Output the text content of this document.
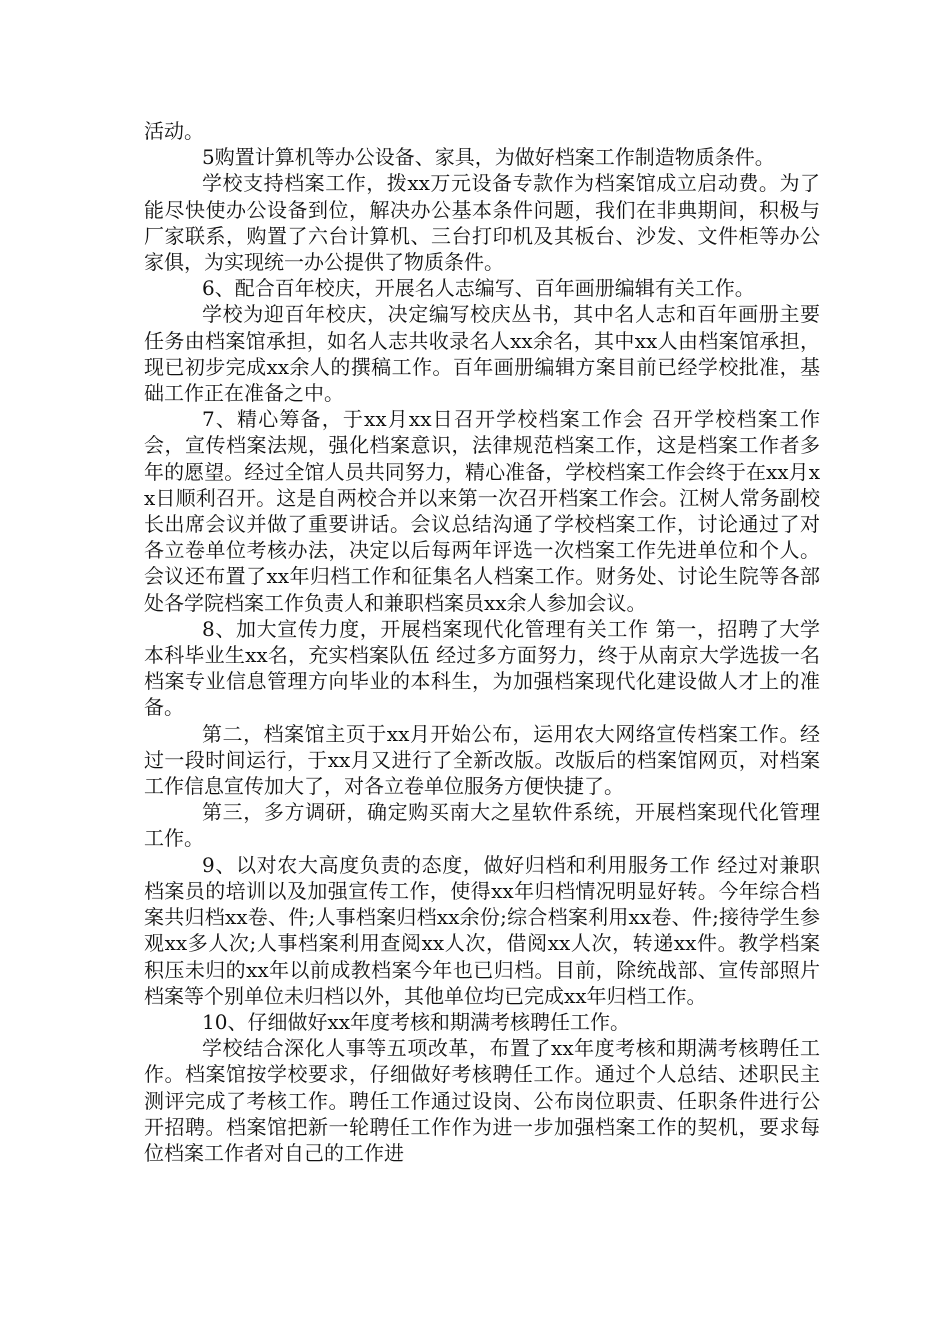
活动。

5购置计算机等办公设备、家具，为做好档案工作制造物质条件。

学校支持档案工作，拨xx万元设备专款作为档案馆成立启动费。为了能尽快使办公设备到位，解决办公基本条件问题，我们在非典期间，积极与厂家联系，购置了六台计算机、三台打印机及其板台、沙发、文件柜等办公家俱，为实现统一办公提供了物质条件。

6、配合百年校庆，开展名人志编写、百年画册编辑有关工作。

学校为迎百年校庆，决定编写校庆丛书，其中名人志和百年画册主要任务由档案馆承担，如名人志共收录名人xx余名，其中xx人由档案馆承担，现已初步完成xx余人的撰稿工作。百年画册编辑方案目前已经学校批准，基础工作正在准备之中。

7、精心筹备，于xx月xx日召开学校档案工作会 召开学校档案工作会，宣传档案法规，强化档案意识，法律规范档案工作，这是档案工作者多年的愿望。经过全馆人员共同努力，精心准备，学校档案工作会终于在xx月xx日顺利召开。这是自两校合并以来第一次召开档案工作会。江树人常务副校长出席会议并做了重要讲话。会议总结沟通了学校档案工作，讨论通过了对各立卷单位考核办法，决定以后每两年评选一次档案工作先进单位和个人。会议还布置了xx年归档工作和征集名人档案工作。财务处、讨论生院等各部处各学院档案工作负责人和兼职档案员xx余人参加会议。

8、加大宣传力度，开展档案现代化管理有关工作 第一，招聘了大学本科毕业生xx名，充实档案队伍 经过多方面努力，终于从南京大学选拔一名档案专业信息管理方向毕业的本科生，为加强档案现代化建设做人才上的准备。

第二，档案馆主页于xx月开始公布，运用农大网络宣传档案工作。经过一段时间运行，于xx月又进行了全新改版。改版后的档案馆网页，对档案工作信息宣传加大了，对各立卷单位服务方便快捷了。

第三，多方调研，确定购买南大之星软件系统，开展档案现代化管理工作。

9、以对农大高度负责的态度，做好归档和利用服务工作 经过对兼职档案员的培训以及加强宣传工作，使得xx年归档情况明显好转。今年综合档案共归档xx卷、件;人事档案归档xx余份;综合档案利用xx卷、件;接待学生参观xx多人次;人事档案利用查阅xx人次，借阅xx人次，转递xx件。教学档案积压未归的xx年以前成教档案今年也已归档。目前，除统战部、宣传部照片档案等个别单位未归档以外，其他单位均已完成xx年归档工作。

10、仔细做好xx年度考核和期满考核聘任工作。

学校结合深化人事等五项改革，布置了xx年度考核和期满考核聘任工作。档案馆按学校要求，仔细做好考核聘任工作。通过个人总结、述职民主测评完成了考核工作。聘任工作通过设岗、公布岗位职责、任职条件进行公开招聘。档案馆把新一轮聘任工作作为进一步加强档案工作的契机，要求每位档案工作者对自己的工作进
